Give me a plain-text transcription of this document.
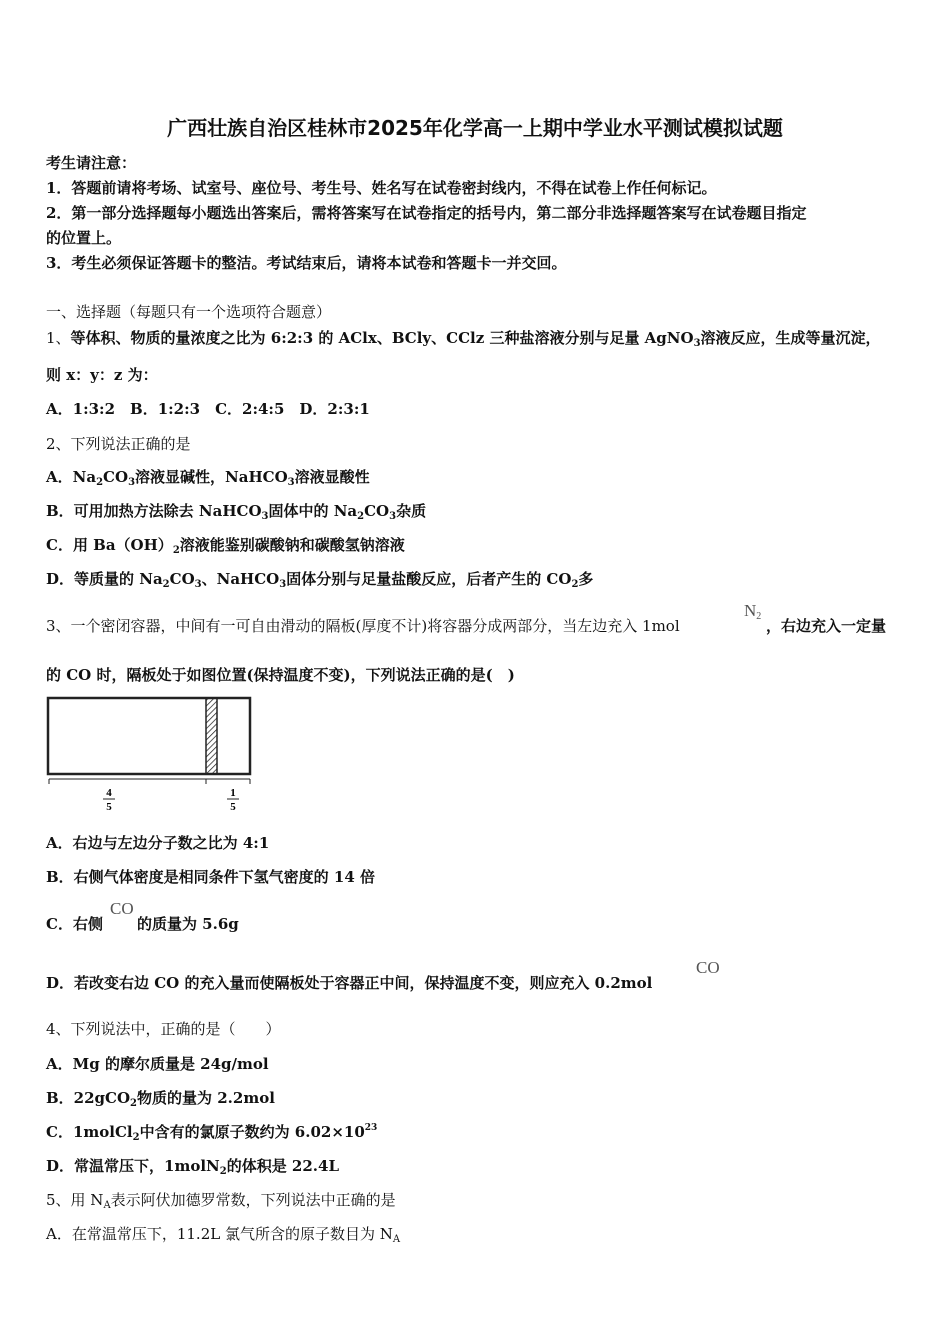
广西壮族自治区桂林市2025年化学高一上期中学业水平测试模拟试题
考生请注意：
1．答题前请将考场、试室号、座位号、考生号、姓名写在试卷密封线内，不得在试卷上作任何标记。
2．第一部分选择题每小题选出答案后，需将答案写在试卷指定的括号内，第二部分非选择题答案写在试卷题目指定
的位置上。
3．考生必须保证答题卡的整洁。考试结束后，请将本试卷和答题卡一并交回。
一、选择题（每题只有一个选项符合题意）
1、等体积、物质的量浓度之比为 6:2:3 的 AClx、BCly、CClz 三种盐溶液分别与足量 AgNO$_3$溶液反应，生成等量沉淀，
则 x：y：z 为：
A．1:3:2　B．1:2:3　C．2:4:5　D．2:3:1
2、下列说法正确的是
A．$Na_2CO_3$溶液显碱性，NaHCO$_3$溶液显酸性
B．可用加热方法除去 NaHCO$_3$固体中的 $Na_2CO_3$杂质
C．用 $Ba(OH)_2$溶液能鉴别碳酸钠和碳酸氢钠溶液
D．等质量的 $Na_2CO_3$、NaHCO$_3$固体分别与足量盐酸反应，后者产生的 $CO_2$多
3、一个密闭容器，中间有一可自由滑动的隔板(厚度不计)将容器分成两部分，当左边充入 1mol
N2
，右边充入一定量
的 CO 时，隔板处于如图位置(保持温度不变)，下列说法正确的是(　)
4
5
1
5
A．右边与左边分子数之比为 4:1
B．右侧气体密度是相同条件下氢气密度的 14 倍
C．右侧 的质量为 5.6g
CO
D．若改变右边 CO 的充入量而使隔板处于容器正中间，保持温度不变，则应充入 0.2mol
CO
4、下列说法中，正确的是（　　）
A．Mg 的摩尔质量是 24g/mol
B．22gCO$_2$物质的量为 2.2mol
C．1molCl$_2$中含有的氯原子数约为 $6.02\times 10^{23}$
D．常温常压下，1molN$_2$的体积是 22.4L
5、用 $N_A$表示阿伏加德罗常数，下列说法中正确的是
A．在常温常压下，11.2L 氯气所含的原子数目为 $N_A$
